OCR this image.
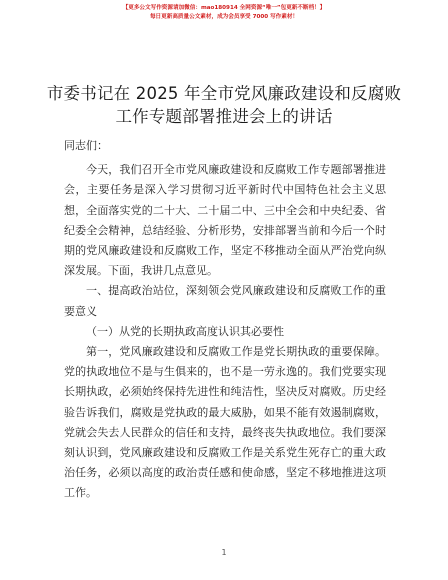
【更多公文写作资源请加微信：mao180914 全网资源“唯一”包更新不断档！】
每日更新高质量公文素材，成为会员享受 7000 写作素材！
市委书记在 2025 年全市党风廉政建设和反腐败
工作专题部署推进会上的讲话

同志们：

今天，我们召开全市党风廉政建设和反腐败工作专题部署推进会，主要任务是深入学习贯彻习近平新时代中国特色社会主义思想，全面落实党的二十大、二十届二中、三中全会和中央纪委、省纪委全会精神，总结经验、分析形势，安排部署当前和今后一个时期的党风廉政建设和反腐败工作，坚定不移推动全面从严治党向纵深发展。下面，我讲几点意见。

一、提高政治站位，深刻领会党风廉政建设和反腐败工作的重要意义

（一）从党的长期执政高度认识其必要性

第一，党风廉政建设和反腐败工作是党长期执政的重要保障。党的执政地位不是与生俱来的，也不是一劳永逸的。我们党要实现长期执政，必须始终保持先进性和纯洁性，坚决反对腐败。历史经验告诉我们，腐败是党执政的最大威胁，如果不能有效遏制腐败，党就会失去人民群众的信任和支持，最终丧失执政地位。我们要深刻认识到，党风廉政建设和反腐败工作是关系党生死存亡的重大政治任务，必须以高度的政治责任感和使命感，坚定不移地推进这项工作。

1
